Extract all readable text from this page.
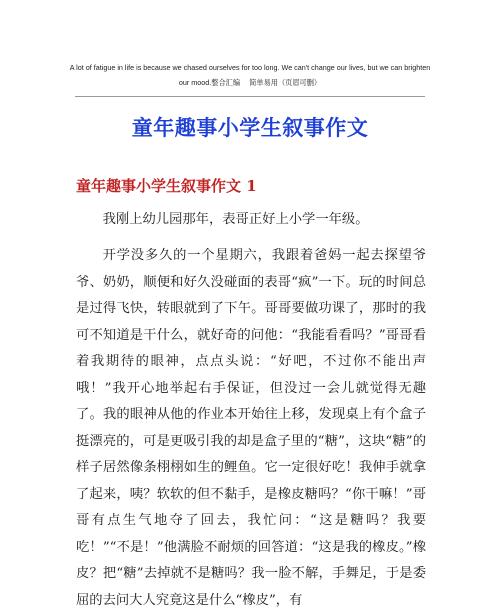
A lot of fatigue in life is because we chased ourselves for too long. We can't change our lives, but we can brighten
our mood.整合汇编　 简单易用（页眉可删）
童年趣事小学生叙事作文
童年趣事小学生叙事作文 1

我刚上幼儿园那年，表哥正好上小学一年级。

开学没多久的一个星期六，我跟着爸妈一起去探望爷爷、奶奶，顺便和好久没碰面的表哥“疯”一下。玩的时间总是过得飞快，转眼就到了下午。哥哥要做功课了，那时的我可不知道是干什么，就好奇的问他：“我能看看吗？”哥哥看着我期待的眼神，点点头说：“好吧，不过你不能出声哦！”我开心地举起右手保证，但没过一会儿就觉得无趣了。我的眼神从他的作业本开始往上移，发现桌上有个盒子挺漂亮的，可是更吸引我的却是盒子里的“糖”，这块“糖”的样子居然像条栩栩如生的鲤鱼。它一定很好吃！我伸手就拿了起来，咦？软软的但不黏手，是橡皮糖吗？“你干嘛！”哥哥有点生气地夺了回去，我忙问：“这是糖吗？我要吃！”“不是！”他满脸不耐烦的回答道：“这是我的橡皮。”橡皮？把“糖”去掉就不是糖吗？我一脸不解，手舞足，于是委屈的去问大人究竟这是什么“橡皮”，有
